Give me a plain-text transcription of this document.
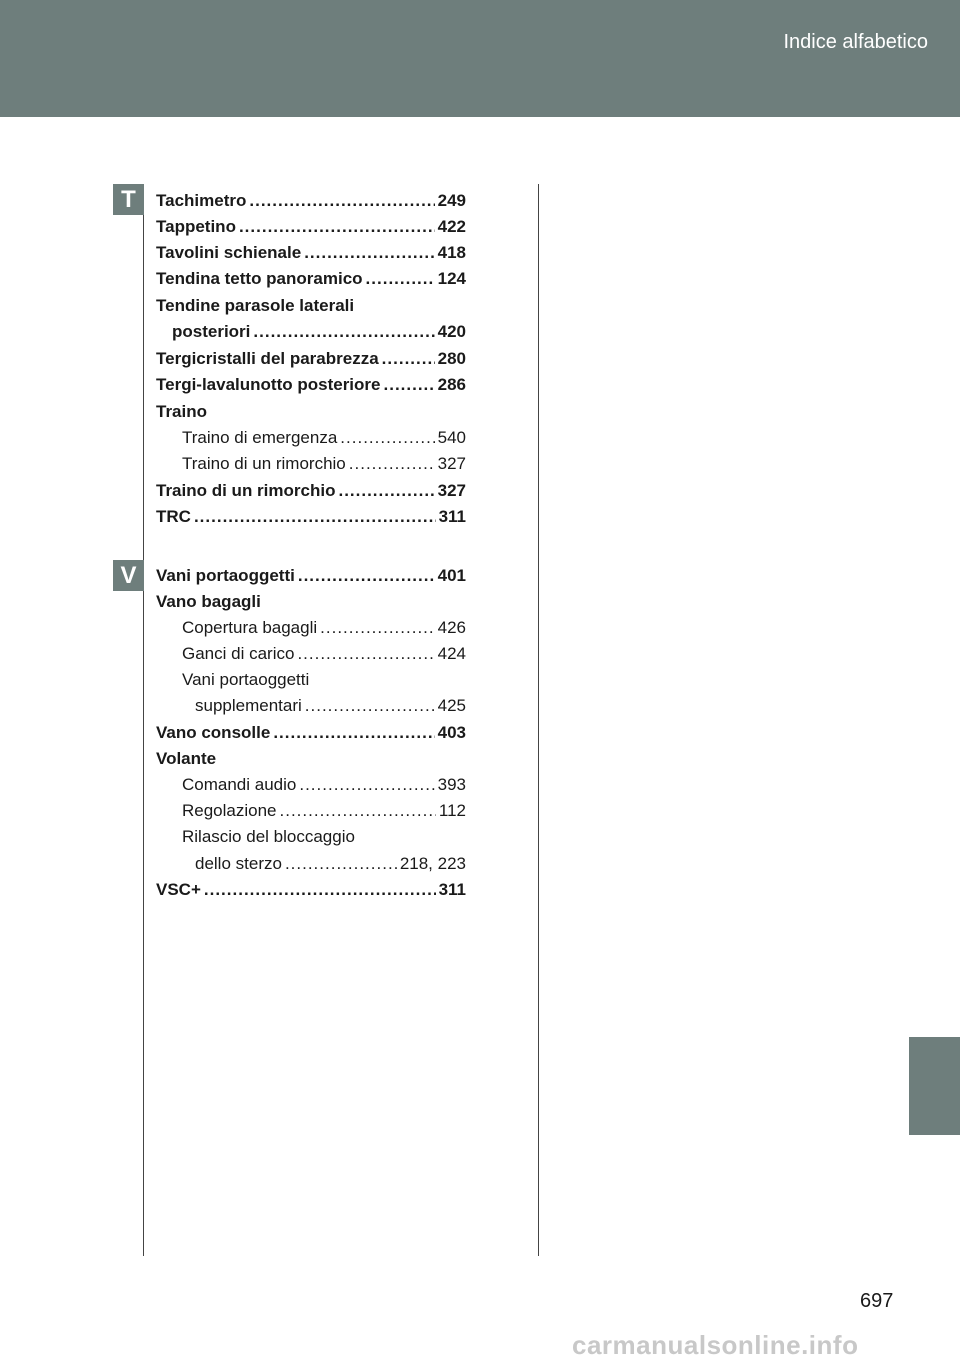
Indice alfabetico
T
V
Tachimetro .....	249
Tappetino .....	422
Tavolini schienale .....	418
Tendina tetto panoramico .....	124
Tendine parasole laterali
posteriori .....	420
Tergicristalli del parabrezza .....	280
Tergi-lavalunotto posteriore .....	286
Traino
Traino di emergenza .....	540
Traino di un rimorchio .....	327
Traino di un rimorchio .....	327
TRC .....	311
Vani portaoggetti .....	401
Vano bagagli
Copertura bagagli .....	426
Ganci di carico .....	424
Vani portaoggetti
supplementari .....	425
Vano consolle .....	403
Volante
Comandi audio .....	393
Regolazione .....	112
Rilascio del bloccaggio
dello sterzo .....	218, 223
VSC+ .....	311
697
carmanualsonline.info
